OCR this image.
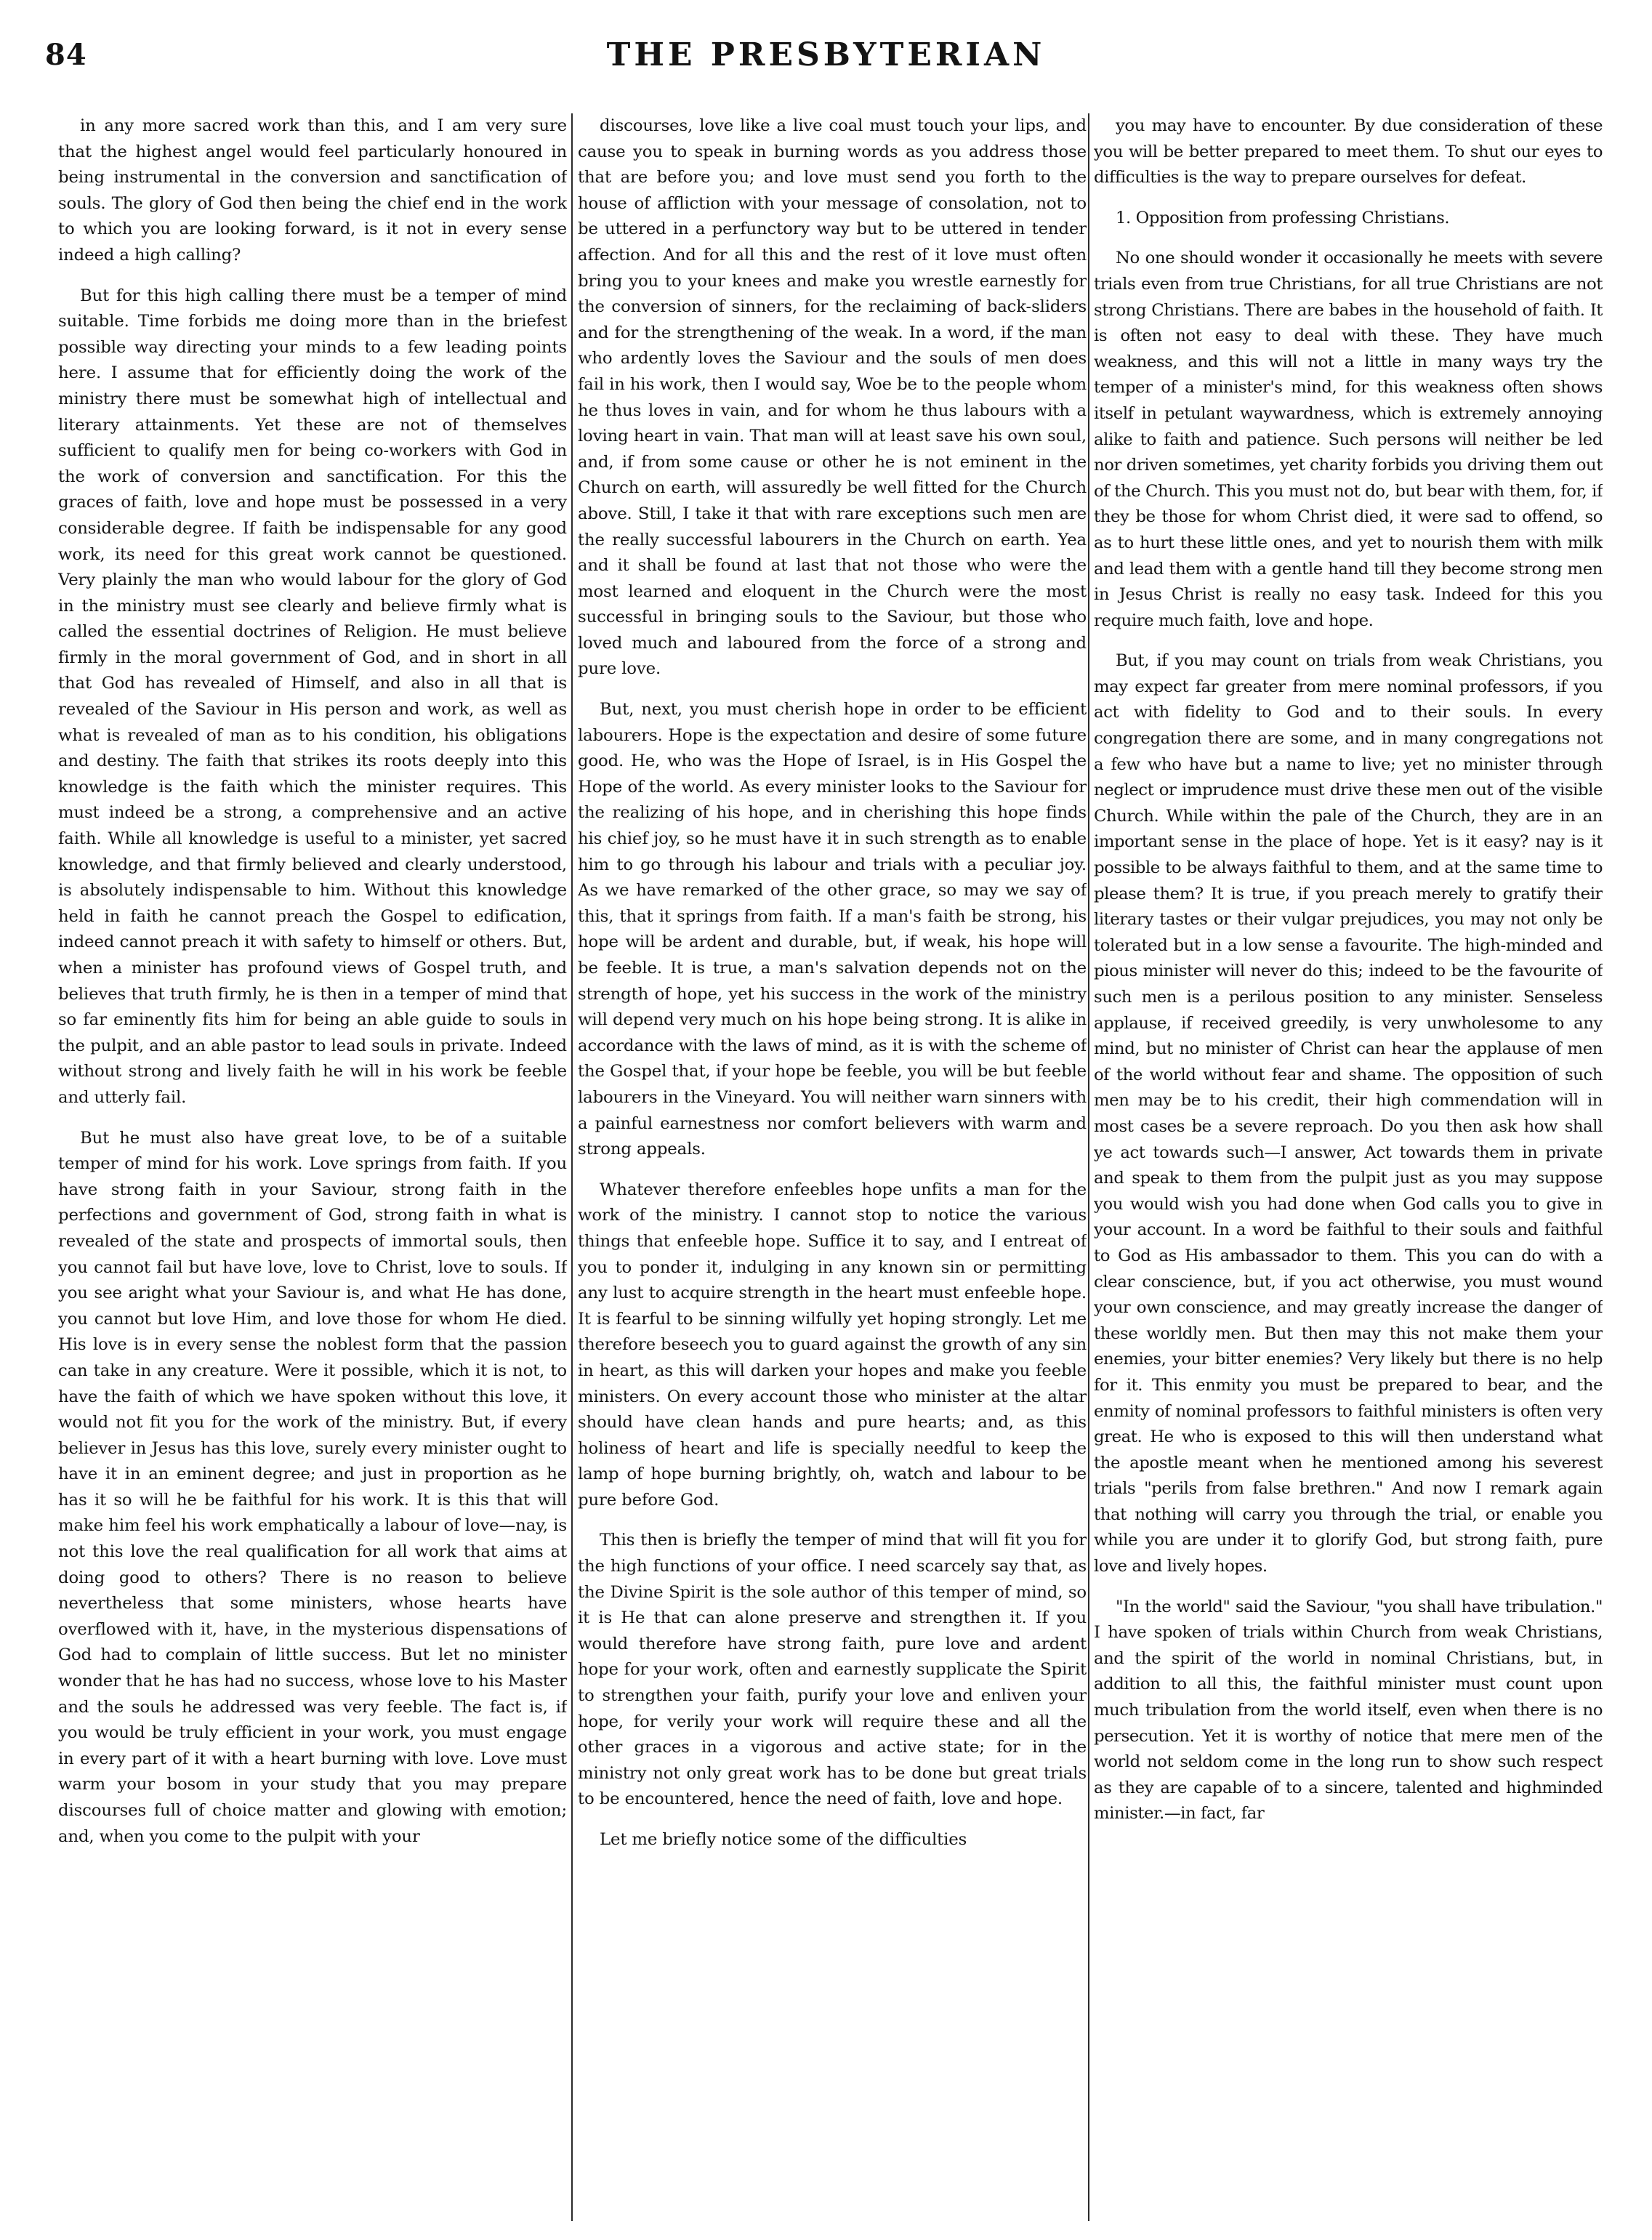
84	THE PRESBYTERIAN

in any more sacred work than this, and I am very sure that the highest angel would feel particularly honoured in being instrumental in the conversion and sanctification of souls. The glory of God then being the chief end in the work to which you are looking forward, is it not in every sense indeed a high calling?

But for this high calling there must be a temper of mind suitable. Time forbids me doing more than in the briefest possible way directing your minds to a few leading points here. I assume that for efficiently doing the work of the ministry there must be somewhat high of intellectual and literary attainments. Yet these are not of themselves sufficient to qualify men for being co-workers with God in the work of conversion and sanctification. For this the graces of faith, love and hope must be possessed in a very considerable degree. If faith be indispensable for any good work, its need for this great work cannot be questioned. Very plainly the man who would labour for the glory of God in the ministry must see clearly and believe firmly what is called the essential doctrines of Religion. He must believe firmly in the moral government of God, and in short in all that God has revealed of Himself, and also in all that is revealed of the Saviour in His person and work, as well as what is revealed of man as to his condition, his obligations and destiny. The faith that strikes its roots deeply into this knowledge is the faith which the minister requires. This must indeed be a strong, a comprehensive and an active faith. While all knowledge is useful to a minister, yet sacred knowledge, and that firmly believed and clearly understood, is absolutely indispensable to him. Without this knowledge held in faith he cannot preach the Gospel to edification, indeed cannot preach it with safety to himself or others. But, when a minister has profound views of Gospel truth, and believes that truth firmly, he is then in a temper of mind that so far eminently fits him for being an able guide to souls in the pulpit, and an able pastor to lead souls in private. Indeed without strong and lively faith he will in his work be feeble and utterly fail.

But he must also have great love, to be of a suitable temper of mind for his work. Love springs from faith. If you have strong faith in your Saviour, strong faith in the perfections and government of God, strong faith in what is revealed of the state and prospects of immortal souls, then you cannot fail but have love, love to Christ, love to souls. If you see aright what your Saviour is, and what He has done, you cannot but love Him, and love those for whom He died. His love is in every sense the noblest form that the passion can take in any creature. Were it possible, which it is not, to have the faith of which we have spoken without this love, it would not fit you for the work of the ministry. But, if every believer in Jesus has this love, surely every minister ought to have it in an eminent degree; and just in proportion as he has it so will he be faithful for his work. It is this that will make him feel his work emphatically a labour of love—nay, is not this love the real qualification for all work that aims at doing good to others? There is no reason to believe nevertheless that some ministers, whose hearts have overflowed with it, have, in the mysterious dispensations of God had to complain of little success. But let no minister wonder that he has had no success, whose love to his Master and the souls he addressed was very feeble. The fact is, if you would be truly efficient in your work, you must engage in every part of it with a heart burning with love. Love must warm your bosom in your study that you may prepare discourses full of choice matter and glowing with emotion; and, when you come to the pulpit with your

discourses, love like a live coal must touch your lips, and cause you to speak in burning words as you address those that are before you; and love must send you forth to the house of affliction with your message of consolation, not to be uttered in a perfunctory way but to be uttered in tender affection. And for all this and the rest of it love must often bring you to your knees and make you wrestle earnestly for the conversion of sinners, for the reclaiming of back-sliders and for the strengthening of the weak. In a word, if the man who ardently loves the Saviour and the souls of men does fail in his work, then I would say, Woe be to the people whom he thus loves in vain, and for whom he thus labours with a loving heart in vain. That man will at least save his own soul, and, if from some cause or other he is not eminent in the Church on earth, will assuredly be well fitted for the Church above. Still, I take it that with rare exceptions such men are the really successful labourers in the Church on earth. Yea and it shall be found at last that not those who were the most learned and eloquent in the Church were the most successful in bringing souls to the Saviour, but those who loved much and laboured from the force of a strong and pure love.

But, next, you must cherish hope in order to be efficient labourers. Hope is the expectation and desire of some future good. He, who was the Hope of Israel, is in His Gospel the Hope of the world. As every minister looks to the Saviour for the realizing of his hope, and in cherishing this hope finds his chief joy, so he must have it in such strength as to enable him to go through his labour and trials with a peculiar joy. As we have remarked of the other grace, so may we say of this, that it springs from faith. If a man's faith be strong, his hope will be ardent and durable, but, if weak, his hope will be feeble. It is true, a man's salvation depends not on the strength of hope, yet his success in the work of the ministry will depend very much on his hope being strong. It is alike in accordance with the laws of mind, as it is with the scheme of the Gospel that, if your hope be feeble, you will be but feeble labourers in the Vineyard. You will neither warn sinners with a painful earnestness nor comfort believers with warm and strong appeals.

Whatever therefore enfeebles hope unfits a man for the work of the ministry. I cannot stop to notice the various things that enfeeble hope. Suffice it to say, and I entreat of you to ponder it, indulging in any known sin or permitting any lust to acquire strength in the heart must enfeeble hope. It is fearful to be sinning wilfully yet hoping strongly. Let me therefore beseech you to guard against the growth of any sin in heart, as this will darken your hopes and make you feeble ministers. On every account those who minister at the altar should have clean hands and pure hearts; and, as this holiness of heart and life is specially needful to keep the lamp of hope burning brightly, oh, watch and labour to be pure before God.

This then is briefly the temper of mind that will fit you for the high functions of your office. I need scarcely say that, as the Divine Spirit is the sole author of this temper of mind, so it is He that can alone preserve and strengthen it. If you would therefore have strong faith, pure love and ardent hope for your work, often and earnestly supplicate the Spirit to strengthen your faith, purify your love and enliven your hope, for verily your work will require these and all the other graces in a vigorous and active state; for in the ministry not only great work has to be done but great trials to be encountered, hence the need of faith, love and hope.

Let me briefly notice some of the difficulties

you may have to encounter. By due consideration of these you will be better prepared to meet them. To shut our eyes to difficulties is the way to prepare ourselves for defeat.

1. Opposition from professing Christians.

No one should wonder it occasionally he meets with severe trials even from true Christians, for all true Christians are not strong Christians. There are babes in the household of faith. It is often not easy to deal with these. They have much weakness, and this will not a little in many ways try the temper of a minister's mind, for this weakness often shows itself in petulant waywardness, which is extremely annoying alike to faith and patience. Such persons will neither be led nor driven sometimes, yet charity forbids you driving them out of the Church. This you must not do, but bear with them, for, if they be those for whom Christ died, it were sad to offend, so as to hurt these little ones, and yet to nourish them with milk and lead them with a gentle hand till they become strong men in Jesus Christ is really no easy task. Indeed for this you require much faith, love and hope.

But, if you may count on trials from weak Christians, you may expect far greater from mere nominal professors, if you act with fidelity to God and to their souls. In every congregation there are some, and in many congregations not a few who have but a name to live; yet no minister through neglect or imprudence must drive these men out of the visible Church. While within the pale of the Church, they are in an important sense in the place of hope. Yet is it easy? nay is it possible to be always faithful to them, and at the same time to please them? It is true, if you preach merely to gratify their literary tastes or their vulgar prejudices, you may not only be tolerated but in a low sense a favourite. The high-minded and pious minister will never do this; indeed to be the favourite of such men is a perilous position to any minister. Senseless applause, if received greedily, is very unwholesome to any mind, but no minister of Christ can hear the applause of men of the world without fear and shame. The opposition of such men may be to his credit, their high commendation will in most cases be a severe reproach. Do you then ask how shall ye act towards such—I answer, Act towards them in private and speak to them from the pulpit just as you may suppose you would wish you had done when God calls you to give in your account. In a word be faithful to their souls and faithful to God as His ambassador to them. This you can do with a clear conscience, but, if you act otherwise, you must wound your own conscience, and may greatly increase the danger of these worldly men. But then may this not make them your enemies, your bitter enemies? Very likely but there is no help for it. This enmity you must be prepared to bear, and the enmity of nominal professors to faithful ministers is often very great. He who is exposed to this will then understand what the apostle meant when he mentioned among his severest trials "perils from false brethren." And now I remark again that nothing will carry you through the trial, or enable you while you are under it to glorify God, but strong faith, pure love and lively hopes.

"In the world" said the Saviour, "you shall have tribulation." I have spoken of trials within Church from weak Christians, and the spirit of the world in nominal Christians, but, in addition to all this, the faithful minister must count upon much tribulation from the world itself, even when there is no persecution. Yet it is worthy of notice that mere men of the world not seldom come in the long run to show such respect as they are capable of to a sincere, talented and highminded minister.—in fact, far
